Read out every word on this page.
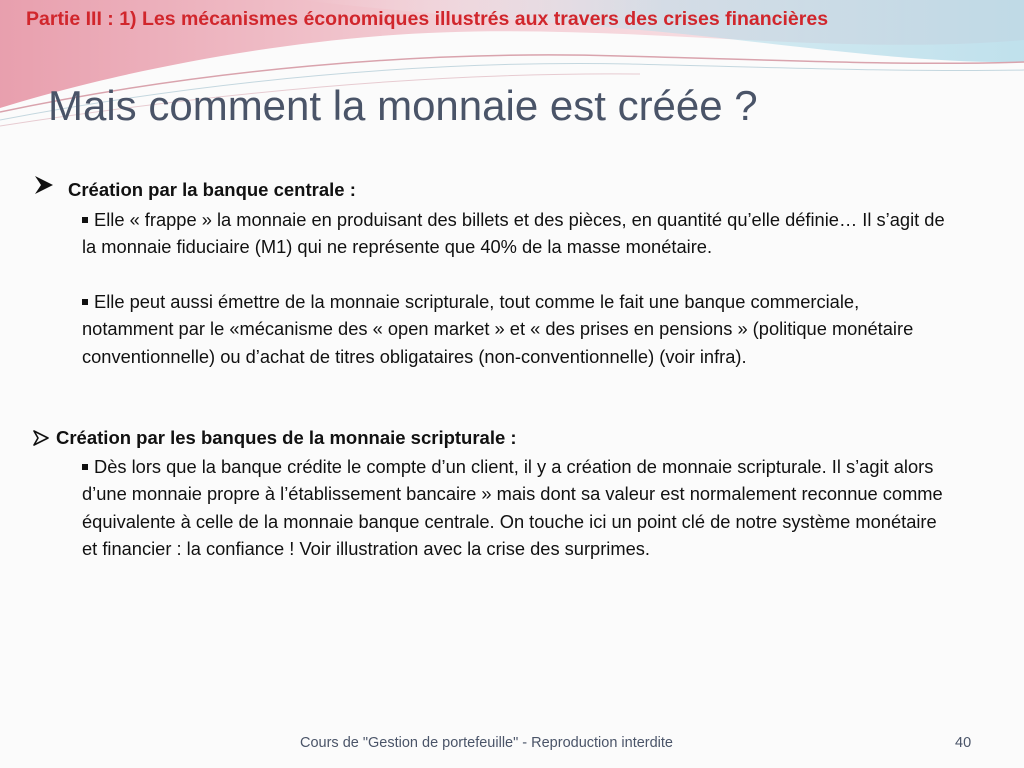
Partie III : 1) Les mécanismes économiques illustrés aux travers des crises financières
Mais comment la monnaie est créée ?
Création par la banque centrale :

Elle « frappe » la monnaie en produisant des billets et des pièces, en quantité qu’elle définie… Il s’agit de la monnaie fiduciaire (M1) qui ne représente que 40% de la masse monétaire.

Elle peut aussi émettre de la monnaie scripturale, tout comme le fait une banque commerciale, notamment par le «mécanisme des « open market » et « des prises en pensions » (politique monétaire conventionnelle) ou d’achat de titres obligataires (non-conventionnelle) (voir infra).

Création par les banques de la monnaie scripturale :

Dès lors que la banque crédite le compte d’un client, il y a création de monnaie scripturale. Il s’agit alors d’une monnaie propre à l’établissement bancaire » mais dont sa valeur est normalement reconnue comme équivalente à celle de la monnaie banque centrale. On touche ici un point clé de notre système monétaire et financier : la confiance ! Voir illustration avec la crise des surprimes.

Cours de "Gestion de portefeuille" - Reproduction interdite	40
